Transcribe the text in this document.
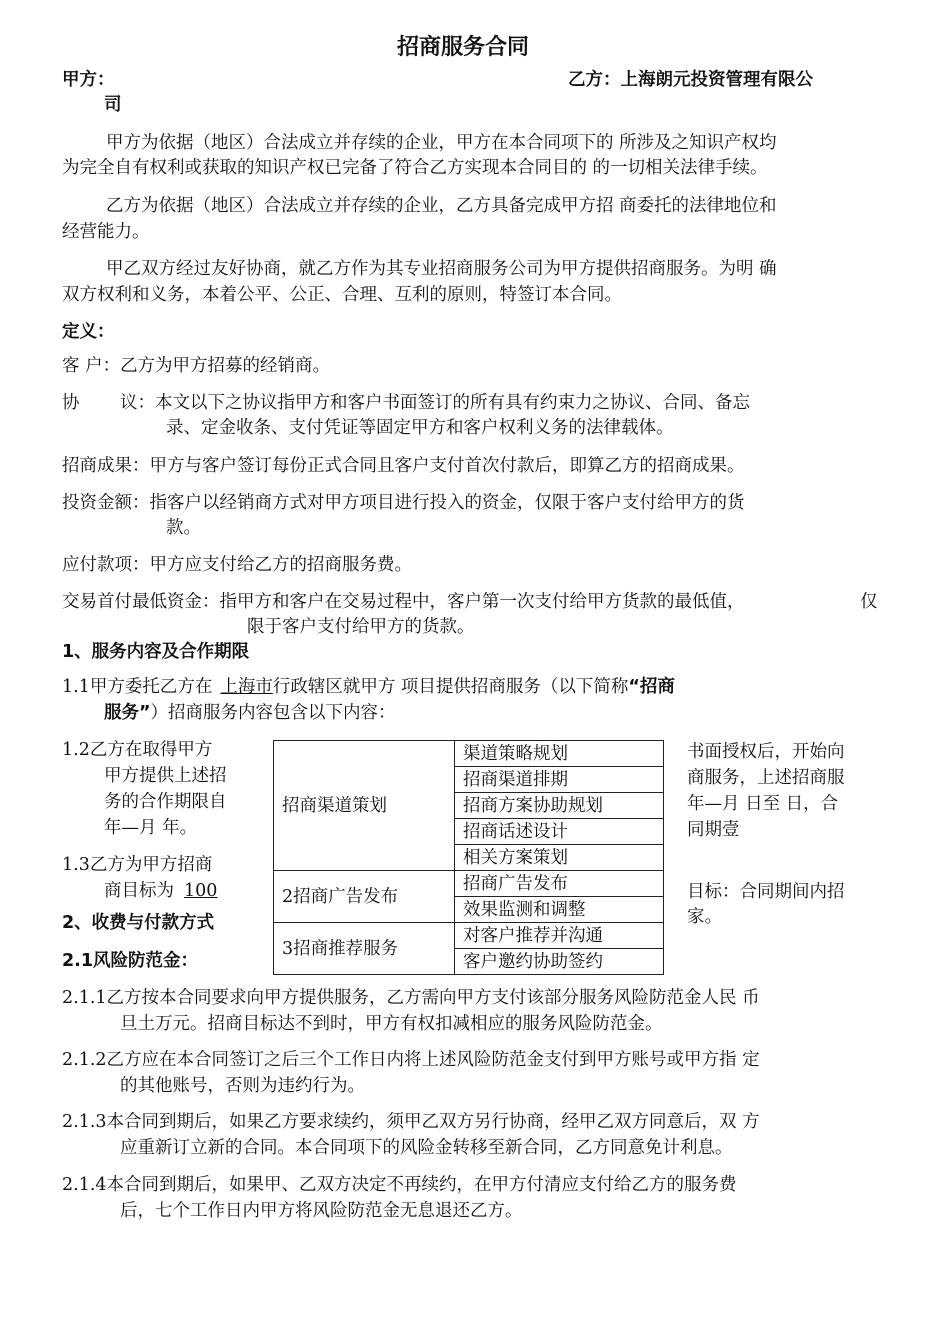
招商服务合同
甲方：	乙方：上海朗元投资管理有限公
司
甲方为依据（地区）合法成立并存续的企业，甲方在本合同项下的 所涉及之知识产权均
为完全自有权利或获取的知识产权已完备了符合乙方实现本合同目的 的一切相关法律手续。
乙方为依据（地区）合法成立并存续的企业，乙方具备完成甲方招 商委托的法律地位和
经营能力。
甲乙双方经过友好协商，就乙方作为其专业招商服务公司为甲方提供招商服务。为明 确
双方权利和义务，本着公平、公正、合理、互利的原则，特签订本合同。
定义：
客 户：乙方为甲方招募的经销商。
协 议：本文以下之协议指甲方和客户书面签订的所有具有约束力之协议、合同、备忘
录、定金收条、支付凭证等固定甲方和客户权利义务的法律载体。
招商成果：甲方与客户签订每份正式合同且客户支付首次付款后，即算乙方的招商成果。
投资金额：指客户以经销商方式对甲方项目进行投入的资金，仅限于客户支付给甲方的货
款。
应付款项：甲方应支付给乙方的招商服务费。
交易首付最低资金：指甲方和客户在交易过程中，客户第一次支付给甲方货款的最低值，	仅
限于客户支付给甲方的货款。
1、服务内容及合作期限
1.1甲方委托乙方在 上海市行政辖区就甲方 项目提供招商服务（以下简称“招商
服务”）招商服务内容包含以下内容：
1.2乙方在取得甲方
甲方提供上述招
务的合作期限自
年—月 年。
书面授权后，开始向
商服务，上述招商服
年—月 日至 日，合
同期壹
1.3乙方为甲方招商
商目标为 100	目标：合同期间内招
家。
招商渠道策划	渠道策略规划
	招商渠道排期
	招商方案协助规划
	招商话述设计
	相关方案策划
2招商广告发布	招商广告发布
	效果监测和调整
3招商推荐服务	对客户推荐并沟通
	客户邀约协助签约
2、收费与付款方式
2.1风险防范金：
2.1.1乙方按本合同要求向甲方提供服务，乙方需向甲方支付该部分服务风险防范金人民 币
旦土万元。招商目标达不到时，甲方有权扣减相应的服务风险防范金。
2.1.2乙方应在本合同签订之后三个工作日内将上述风险防范金支付到甲方账号或甲方指 定
的其他账号，否则为违约行为。
2.1.3本合同到期后，如果乙方要求续约，须甲乙双方另行协商，经甲乙双方同意后，双 方
应重新订立新的合同。本合同项下的风险金转移至新合同，乙方同意免计利息。
2.1.4本合同到期后，如果甲、乙双方决定不再续约，在甲方付清应支付给乙方的服务费
后，七个工作日内甲方将风险防范金无息退还乙方。
